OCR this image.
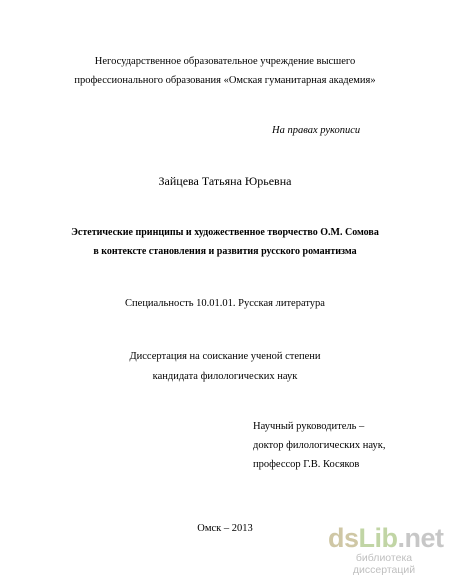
Негосударственное образовательное учреждение высшего
профессионального образования «Омская гуманитарная академия»
На правах рукописи
Зайцева Татьяна Юрьевна
Эстетические принципы и художественное творчество О.М. Сомова
в контексте становления и развития русского романтизма
Специальность 10.01.01. Русская литература
Диссертация на соискание ученой степени
кандидата филологических наук
Научный руководитель –
доктор филологических наук,
профессор Г.В. Косяков
Омск – 2013	dsLib.net
библиотека диссертаций
